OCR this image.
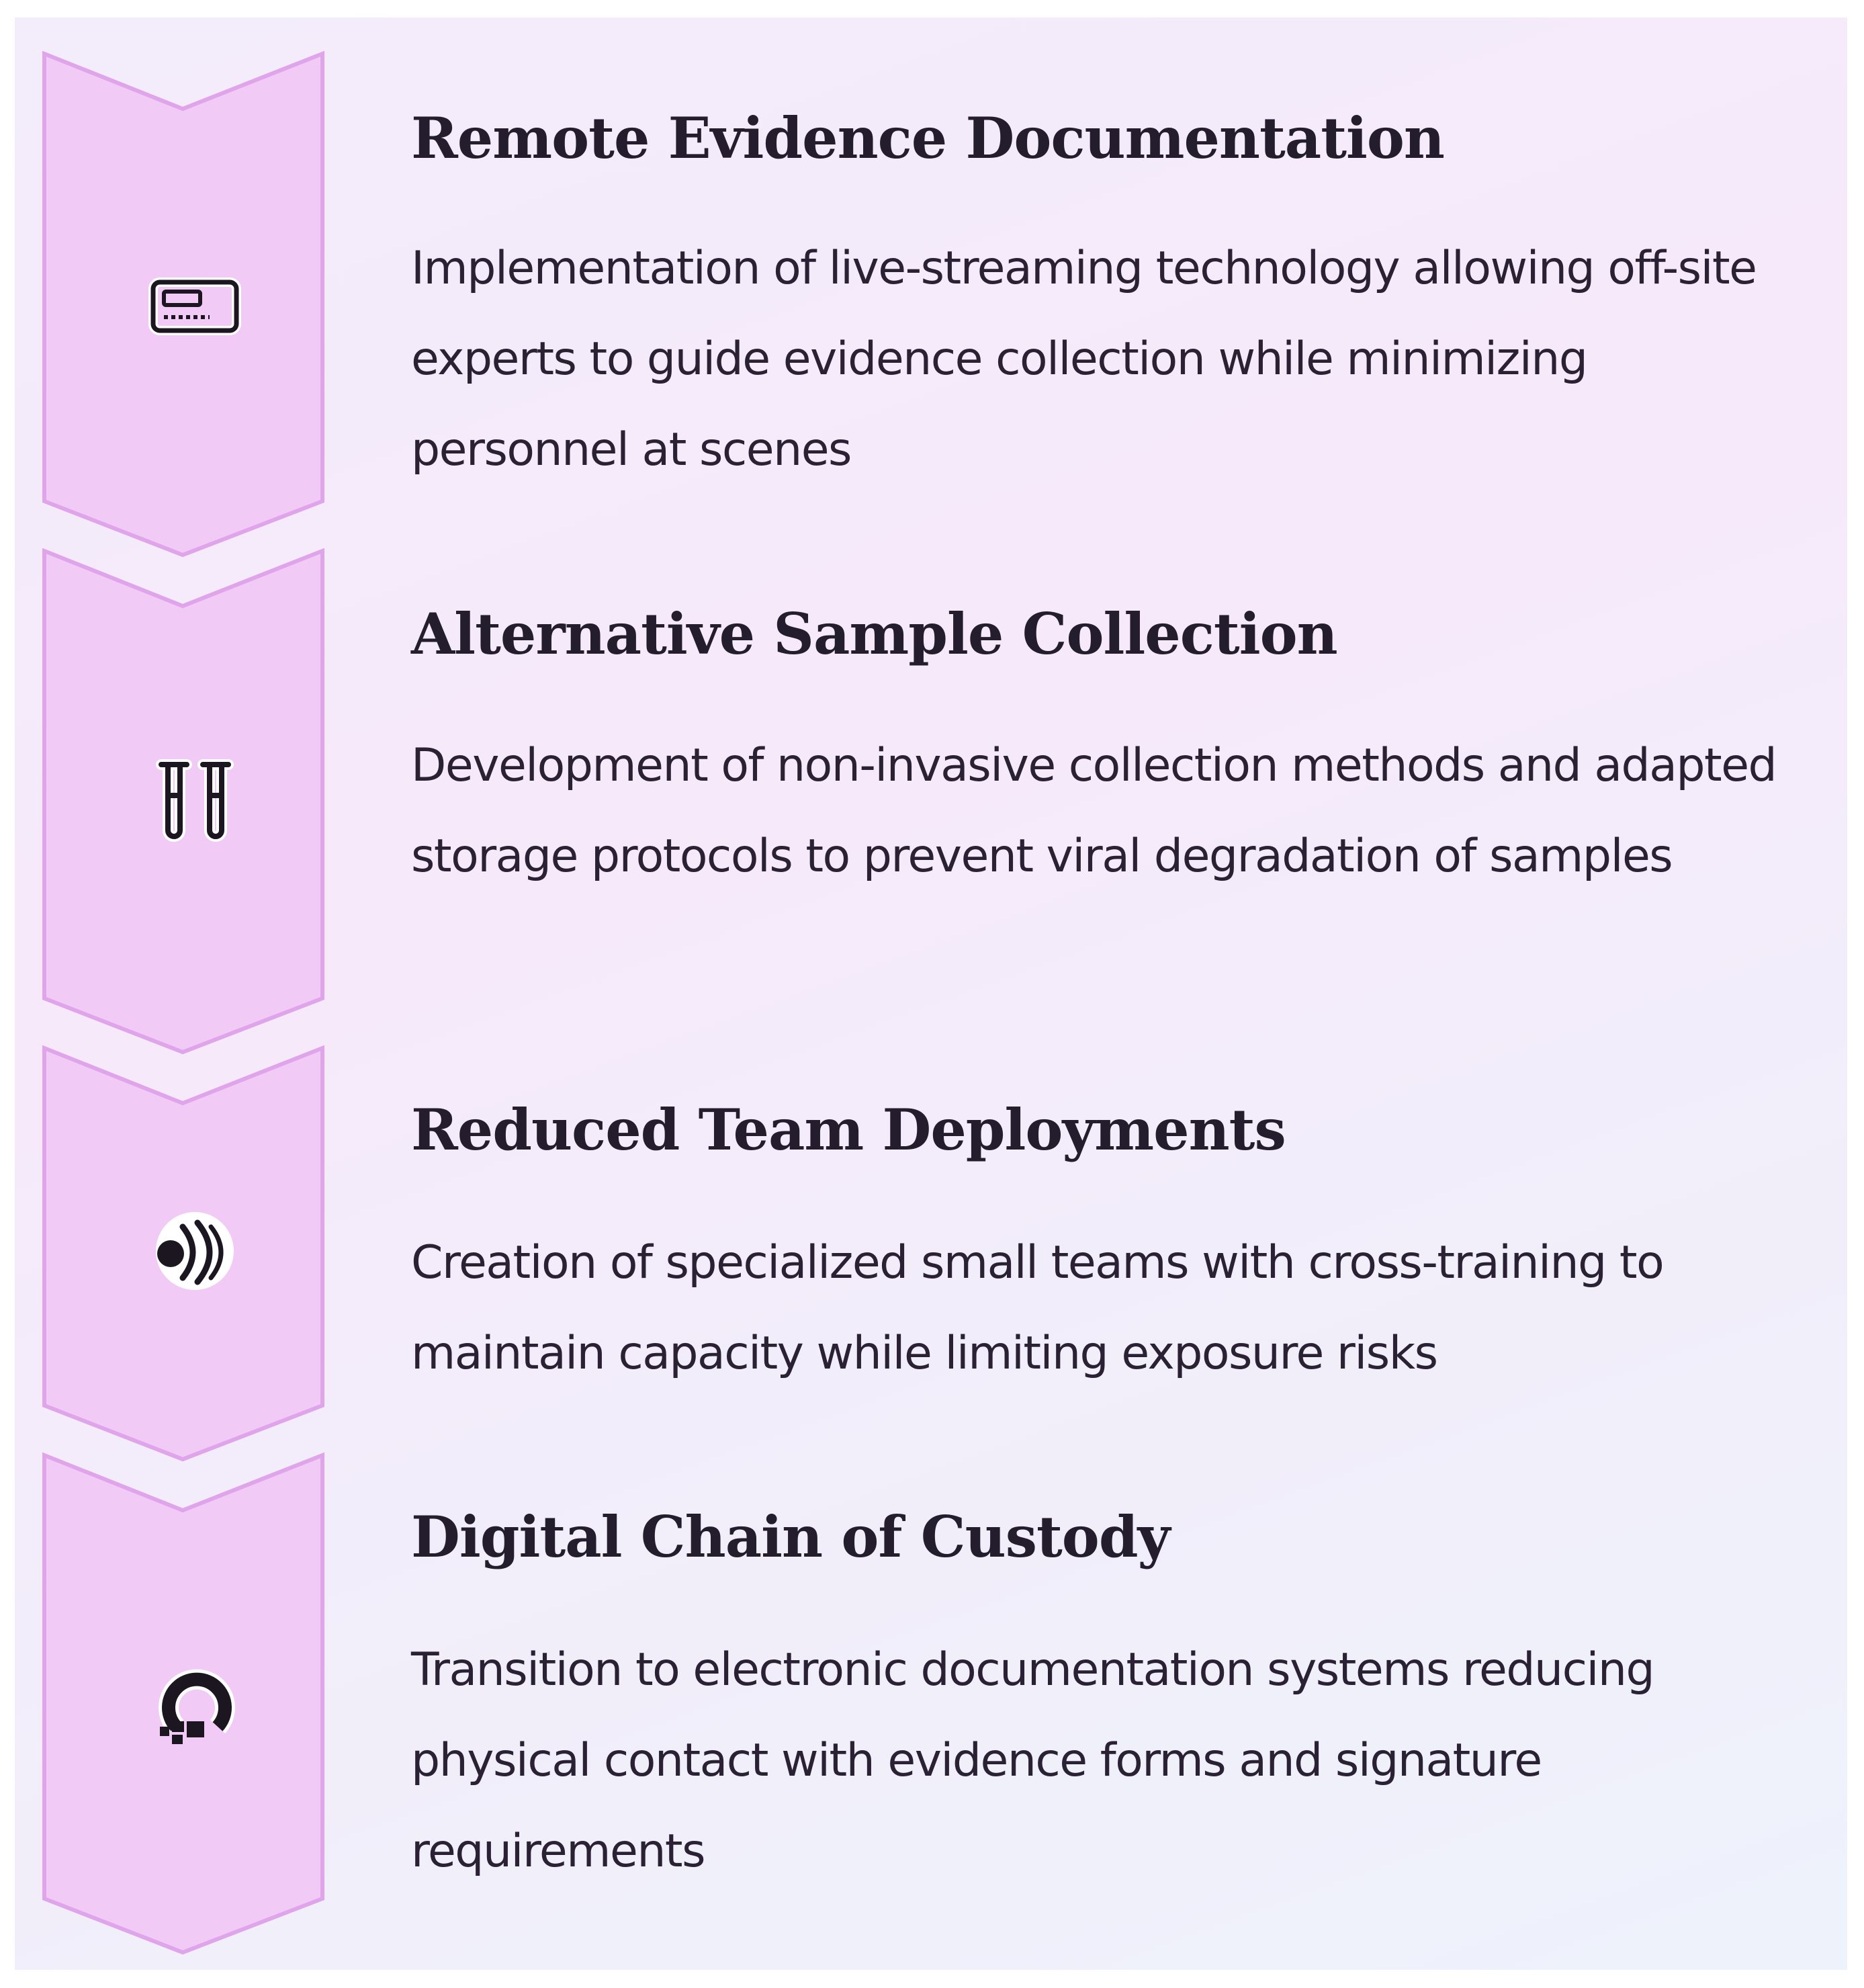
Remote Evidence Documentation

Implementation of live-streaming technology allowing off-site experts to guide evidence collection while minimizing personnel at scenes

Alternative Sample Collection

Development of non-invasive collection methods and adapted storage protocols to prevent viral degradation of samples

Reduced Team Deployments

Creation of specialized small teams with cross-training to maintain capacity while limiting exposure risks

Digital Chain of Custody

Transition to electronic documentation systems reducing physical contact with evidence forms and signature requirements
